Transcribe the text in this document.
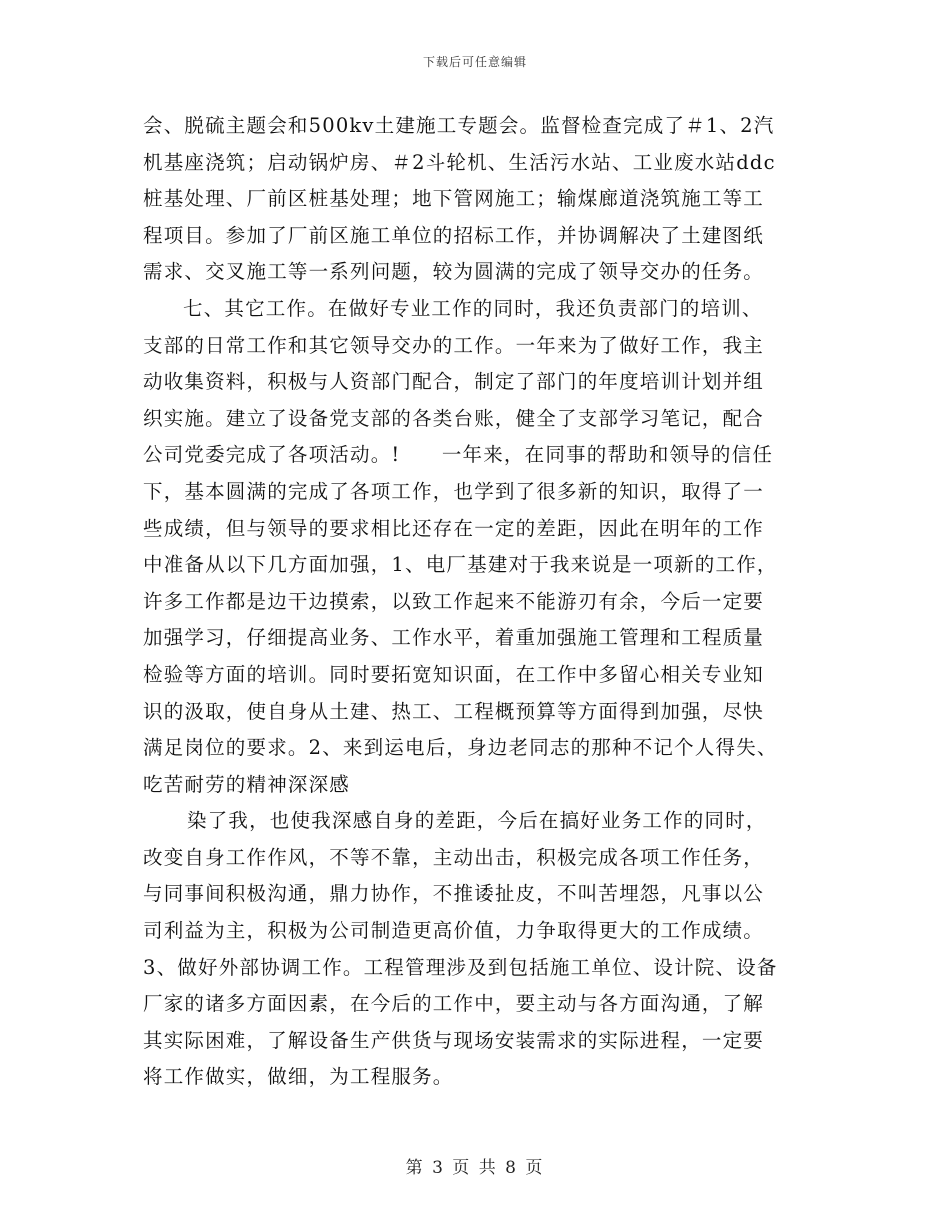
下载后可任意编辑
会、脱硫主题会和500kv土建施工专题会。监督检查完成了＃1、2汽
机基座浇筑；启动锅炉房、＃2斗轮机、生活污水站、工业废水站ddc
桩基处理、厂前区桩基处理；地下管网施工；输煤廊道浇筑施工等工
程项目。参加了厂前区施工单位的招标工作，并协调解决了土建图纸
需求、交叉施工等一系列问题，较为圆满的完成了领导交办的任务。
七、其它工作。在做好专业工作的同时，我还负责部门的培训、
支部的日常工作和其它领导交办的工作。一年来为了做好工作，我主
动收集资料，积极与人资部门配合，制定了部门的年度培训计划并组
织实施。建立了设备党支部的各类台账，健全了支部学习笔记，配合
公司党委完成了各项活动。!　　一年来，在同事的帮助和领导的信任
下，基本圆满的完成了各项工作，也学到了很多新的知识，取得了一
些成绩，但与领导的要求相比还存在一定的差距，因此在明年的工作
中准备从以下几方面加强，1、电厂基建对于我来说是一项新的工作，
许多工作都是边干边摸索，以致工作起来不能游刃有余，今后一定要
加强学习，仔细提高业务、工作水平，着重加强施工管理和工程质量
检验等方面的培训。同时要拓宽知识面，在工作中多留心相关专业知
识的汲取，使自身从土建、热工、工程概预算等方面得到加强，尽快
满足岗位的要求。2、来到运电后，身边老同志的那种不记个人得失、
吃苦耐劳的精神深深感
染了我，也使我深感自身的差距，今后在搞好业务工作的同时，
改变自身工作作风，不等不靠，主动出击，积极完成各项工作任务，
与同事间积极沟通，鼎力协作，不推诿扯皮，不叫苦埋怨，凡事以公
司利益为主，积极为公司制造更高价值，力争取得更大的工作成绩。
3、做好外部协调工作。工程管理涉及到包括施工单位、设计院、设备
厂家的诸多方面因素，在今后的工作中，要主动与各方面沟通，了解
其实际困难，了解设备生产供货与现场安装需求的实际进程，一定要
将工作做实，做细，为工程服务。
第 3 页 共 8 页
